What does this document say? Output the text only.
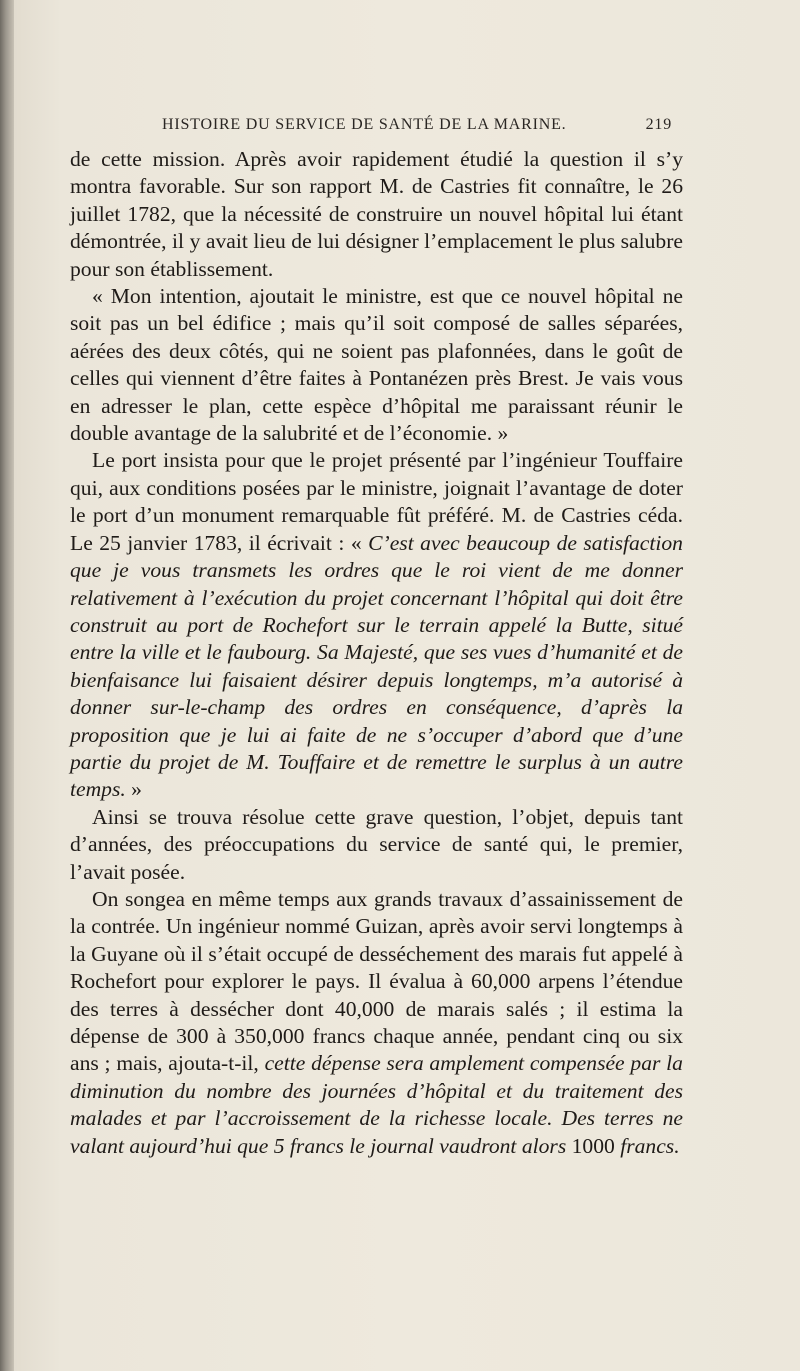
HISTOIRE DU SERVICE DE SANTÉ DE LA MARINE.	219

de cette mission. Après avoir rapidement étudié la question il s’y montra favorable. Sur son rapport M. de Castries fit connaître, le 26 juillet 1782, que la nécessité de construire un nouvel hôpital lui étant démontrée, il y avait lieu de lui désigner l’emplacement le plus salubre pour son établissement.

« Mon intention, ajoutait le ministre, est que ce nouvel hôpital ne soit pas un bel édifice ; mais qu’il soit composé de salles séparées, aérées des deux côtés, qui ne soient pas plafonnées, dans le goût de celles qui viennent d’être faites à Pontanézen près Brest. Je vais vous en adresser le plan, cette espèce d’hôpital me paraissant réunir le double avantage de la salubrité et de l’économie. »

Le port insista pour que le projet présenté par l’ingénieur Touffaire qui, aux conditions posées par le ministre, joignait l’avantage de doter le port d’un monument remarquable fût préféré. M. de Castries céda. Le 25 janvier 1783, il écrivait : « C’est avec beaucoup de satisfaction que je vous transmets les ordres que le roi vient de me donner relativement à l’exécution du projet concernant l’hôpital qui doit être construit au port de Rochefort sur le terrain appelé la Butte, situé entre la ville et le faubourg. Sa Majesté, que ses vues d’humanité et de bienfaisance lui faisaient désirer depuis longtemps, m’a autorisé à donner sur-le-champ des ordres en conséquence, d’après la proposition que je lui ai faite de ne s’occuper d’abord que d’une partie du projet de M. Touffaire et de remettre le surplus à un autre temps. »

Ainsi se trouva résolue cette grave question, l’objet, depuis tant d’années, des préoccupations du service de santé qui, le premier, l’avait posée.

On songea en même temps aux grands travaux d’assainissement de la contrée. Un ingénieur nommé Guizan, après avoir servi longtemps à la Guyane où il s’était occupé de desséchement des marais fut appelé à Rochefort pour explorer le pays. Il évalua à 60,000 arpens l’étendue des terres à dessécher dont 40,000 de marais salés ; il estima la dépense de 300 à 350,000 francs chaque année, pendant cinq ou six ans ; mais, ajouta-t-il, cette dépense sera amplement compensée par la diminution du nombre des journées d’hôpital et du traitement des malades et par l’accroissement de la richesse locale. Des terres ne valant aujourd’hui que 5 francs le journal vaudront alors 1000 francs.
